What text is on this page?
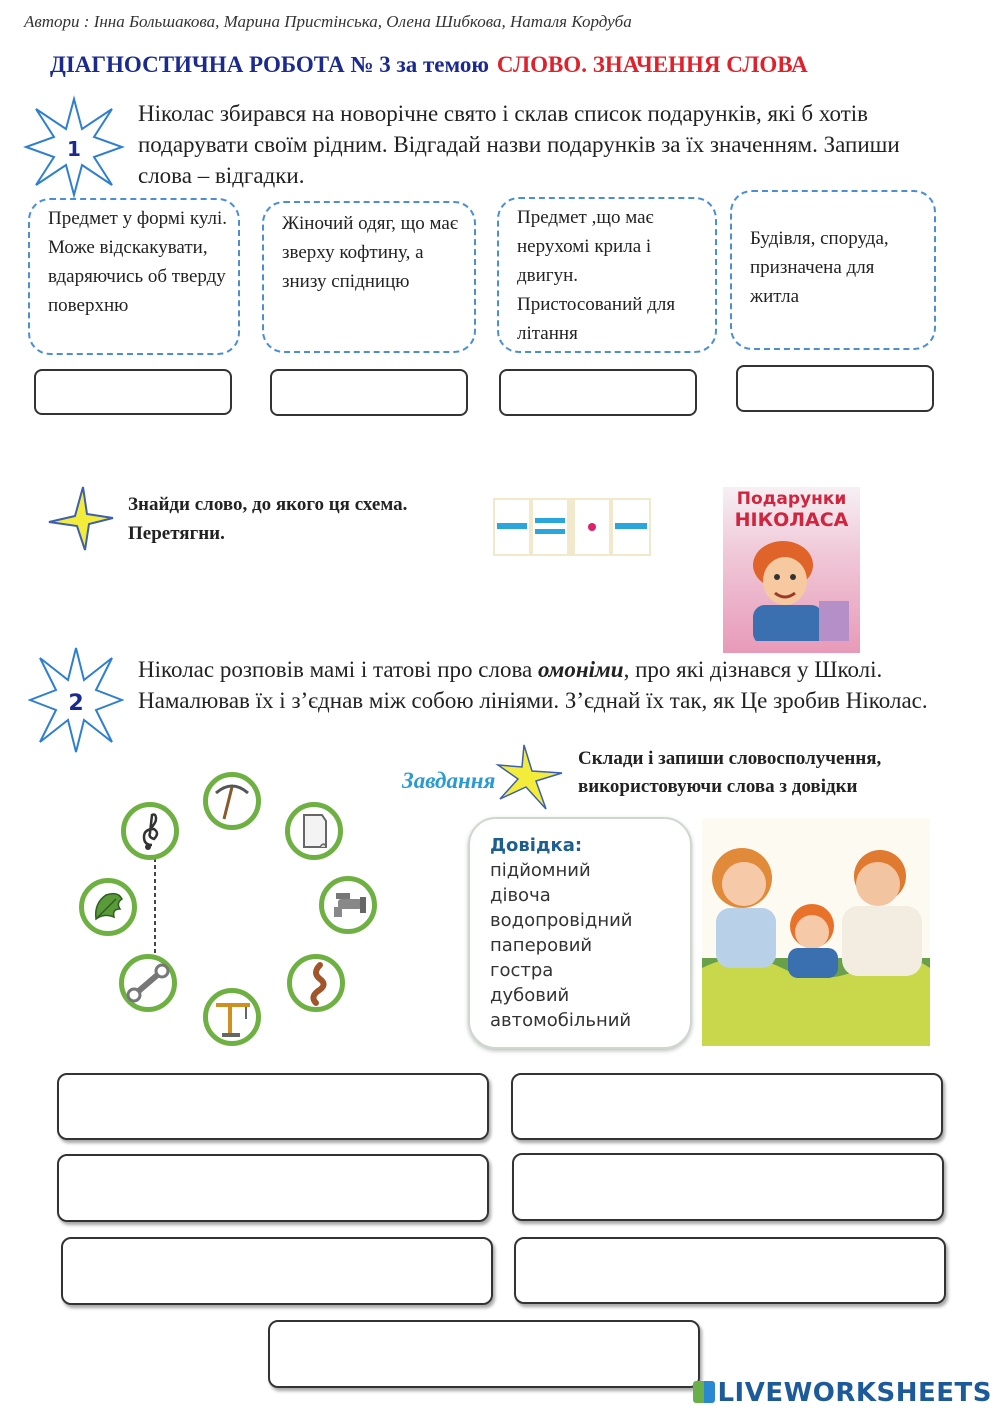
Автори : Інна Большакова, Марина Пристінська, Олена Шибкова, Наталя Кордуба
ДІАГНОСТИЧНА РОБОТА № 3 за темою СЛОВО. ЗНАЧЕННЯ СЛОВА
1
Ніколас збирався на новорічне свято і склав список подарунків, які б хотів подарувати своїм рідним. Відгадай назви подарунків за їх значенням. Запиши слова – відгадки.
Предмет у формі кулі. Може відскакувати, вдаряючись об тверду поверхню
Жіночий одяг, що має зверху кофтину, а знизу спідницю
Предмет ,що має нерухомі крила і двигун. Пристосований для літання
Будівля, споруда, призначена для житла
Знайди слово, до якого ця схема.
Перетягни.
Подарунки
НІКОЛАСА
2
Ніколас розповів мамі і татові про слова омоніми, про які дізнався у Школі. Намалював їх і з’єднав між собою лініями. З’єднай їх так, як Це зробив Ніколас.
Завдання
Склади і запиши словосполучення,
використовуючи слова з довідки
Довідка:
підйомний
дівоча
водопровідний
паперовий
гостра
дубовий
автомобільний
LIVEWORKSHEETS
